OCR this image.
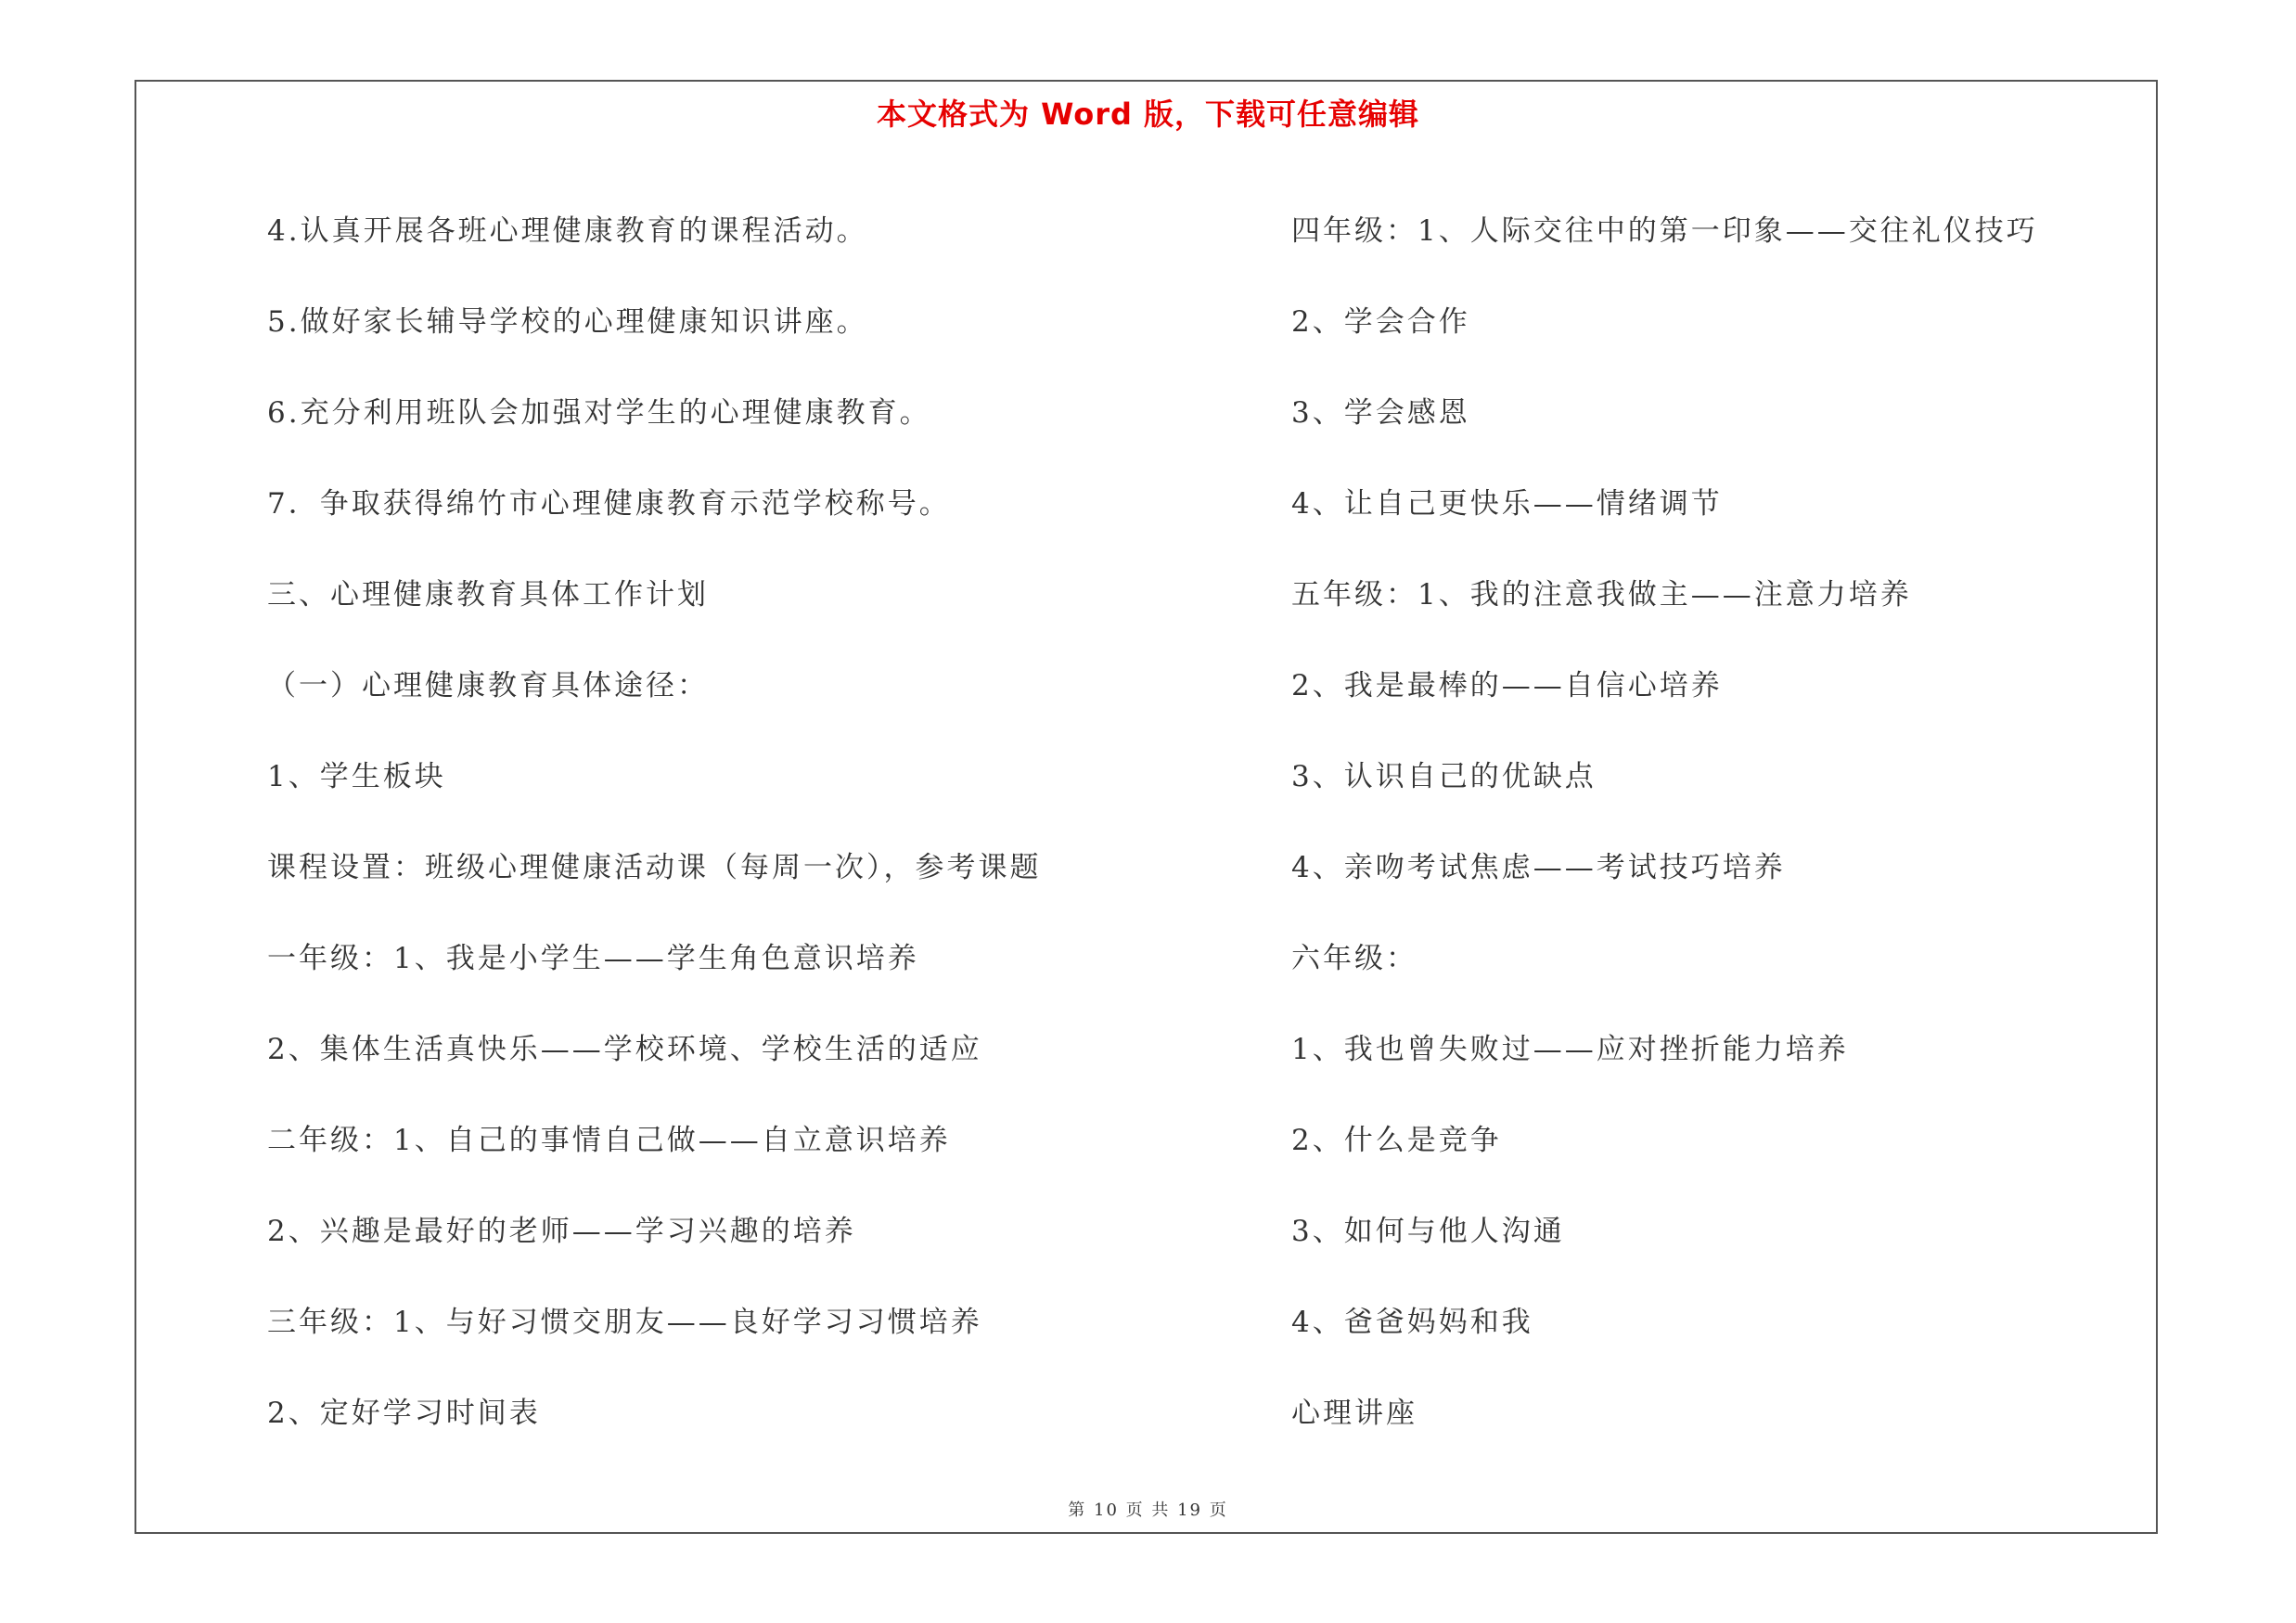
本文格式为 Word 版，下载可任意编辑
4.认真开展各班心理健康教育的课程活动。
5.做好家长辅导学校的心理健康知识讲座。
6.充分利用班队会加强对学生的心理健康教育。
7．争取获得绵竹市心理健康教育示范学校称号。
三、心理健康教育具体工作计划
（一）心理健康教育具体途径：
1、学生板块
课程设置：班级心理健康活动课（每周一次），参考课题
一年级：1、我是小学生——学生角色意识培养
2、集体生活真快乐——学校环境、学校生活的适应
二年级：1、自己的事情自己做——自立意识培养
2、兴趣是最好的老师——学习兴趣的培养
三年级：1、与好习惯交朋友——良好学习习惯培养
2、定好学习时间表
四年级：1、人际交往中的第一印象——交往礼仪技巧
2、学会合作
3、学会感恩
4、让自己更快乐——情绪调节
五年级：1、我的注意我做主——注意力培养
2、我是最棒的——自信心培养
3、认识自己的优缺点
4、亲吻考试焦虑——考试技巧培养
六年级：
1、我也曾失败过——应对挫折能力培养
2、什么是竞争
3、如何与他人沟通
4、爸爸妈妈和我
心理讲座
第 10 页 共 19 页
